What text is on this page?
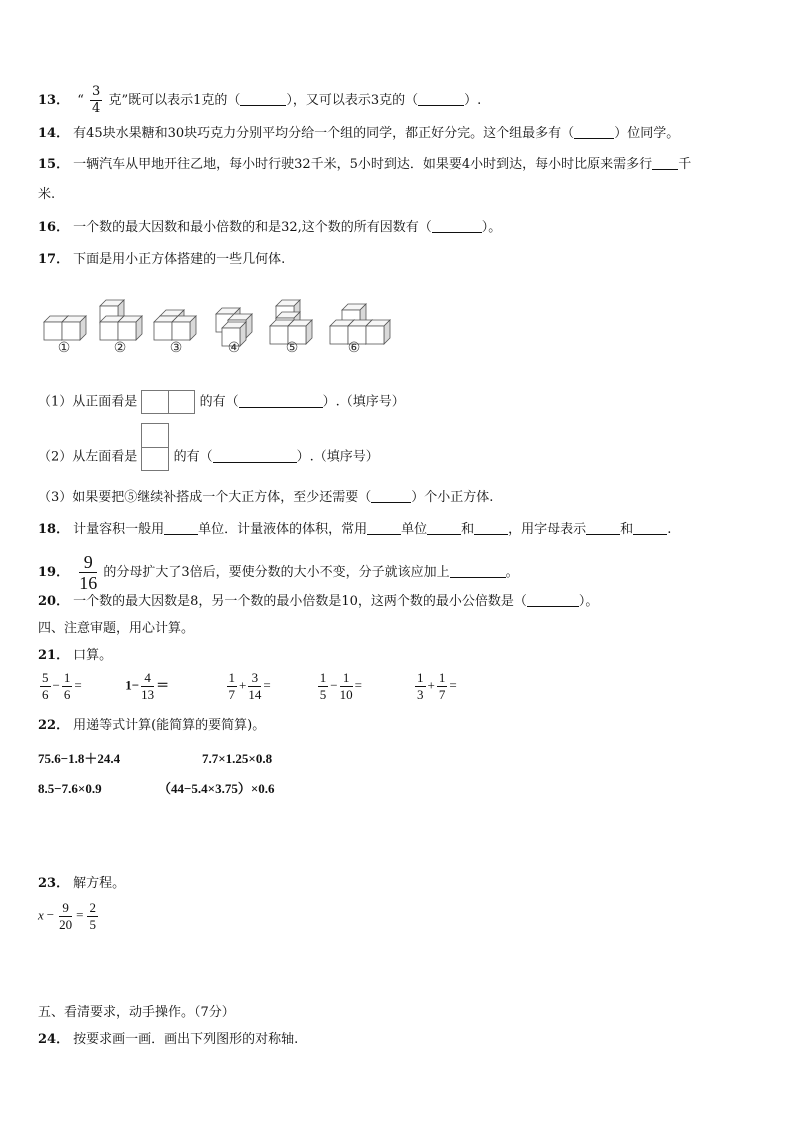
13． “ $\frac{3}{4}$ 克”既可以表示1克的（	），又可以表示3克的（	）.
14． 有45块水果糖和30块巧克力分别平均分给一个组的同学，都正好分完。这个组最多有（	）位同学。
15． 一辆汽车从甲地开往乙地，每小时行驶32千米，5小时到达．如果要4小时到达，每小时比原来需多行 千
米.
16． 一个数的最大因数和最小倍数的和是32,这个数的所有因数有（	）。
17． 下面是用小正方体搭建的一些几何体.
①	②	③	④	⑤	⑥
（1）从正面看是	的有（	）.（填序号）
（2）从左面看是	的有（	）.（填序号）
（3）如果要把⑤继续补搭成一个大正方体，至少还需要（	）个小正方体.
18． 计量容积一般用	单位．计量液体的体积，常用	单位	和	，用字母表示	和	.
19． $\frac{9}{16}$ 的分母扩大了3倍后，要使分数的大小不变，分子就该应加上	。
20． 一个数的最大因数是8，另一个数的最小倍数是10，这两个数的最小公倍数是（	）。
四、注意审题，用心计算。
21． 口算。
$\frac{5}{6} - \frac{1}{6}$ =	$1- \frac{4}{13}$ ＝	$\frac{1}{7} + \frac{3}{14}$ =	$\frac{1}{5} - \frac{1}{10}$ =	$\frac{1}{3} + \frac{1}{7}$ =
22． 用递等式计算(能简算的要简算)。
75.6−1.8＋24.4	7.7×1.25×0.8
8.5−7.6×0.9	（44−5.4×3.75）×0.6
23． 解方程。
$x - \frac{9}{20} = \frac{2}{5}$
五、看清要求，动手操作。（7分）
24． 按要求画一画．画出下列图形的对称轴.
